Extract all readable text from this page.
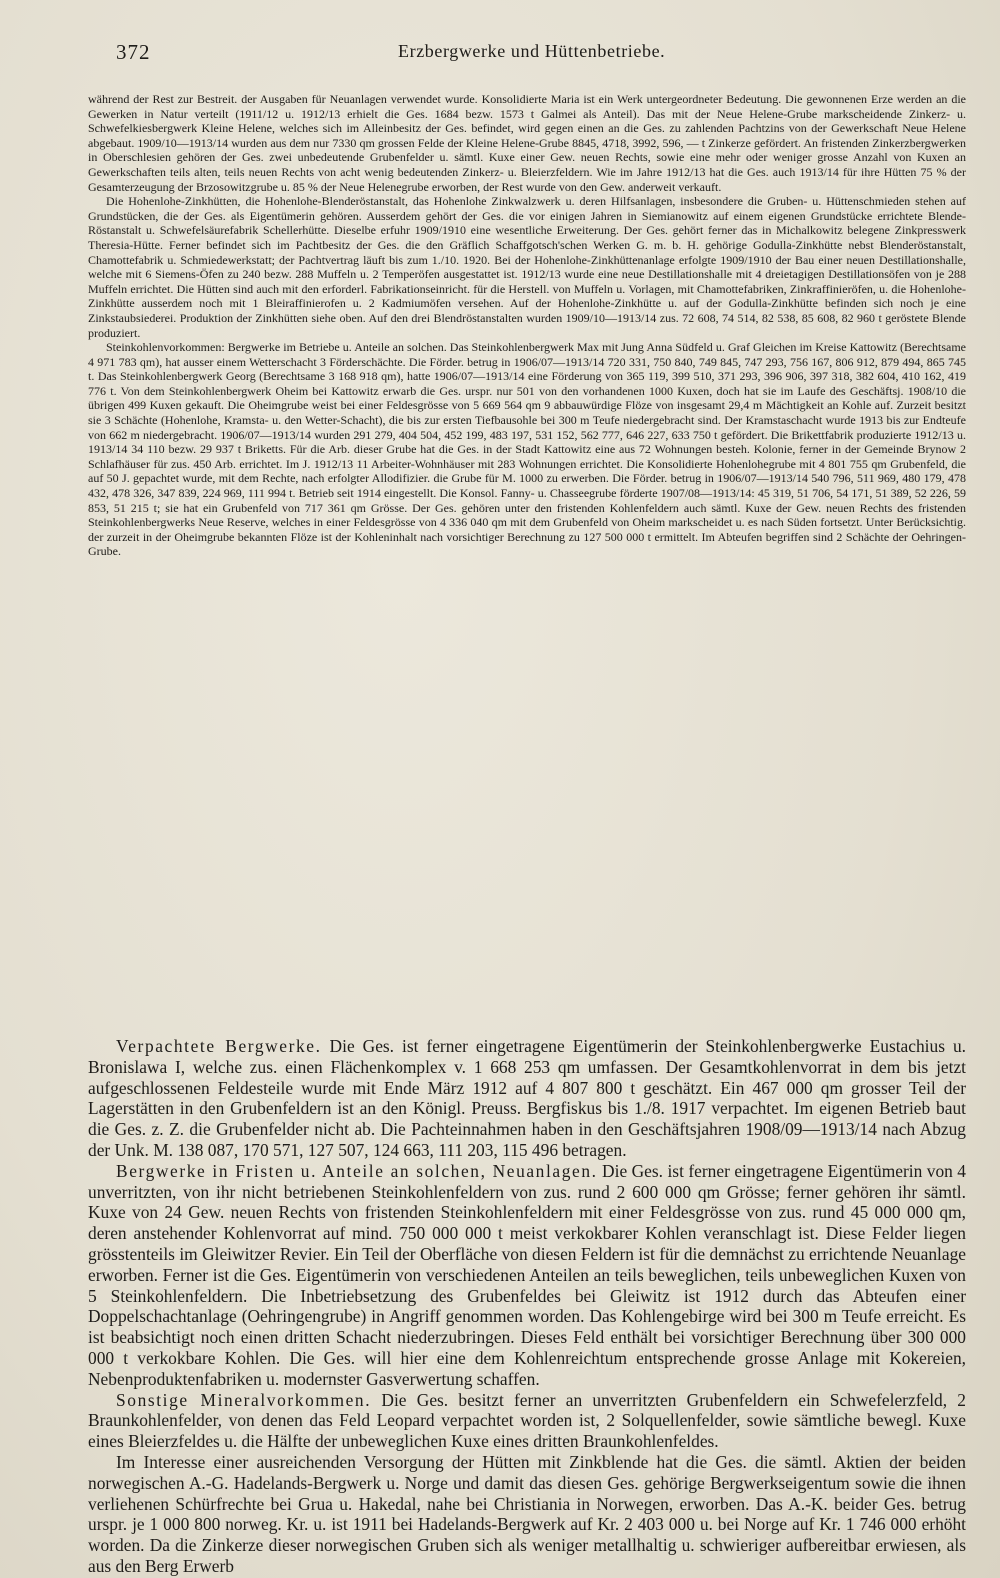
372	Erzbergwerke und Hüttenbetriebe.

während der Rest zur Bestreit. der Ausgaben für Neuanlagen verwendet wurde. Konsolidierte Maria ist ein Werk untergeordneter Bedeutung. Die gewonnenen Erze werden an die Gewerken in Natur verteilt (1911/12 u. 1912/13 erhielt die Ges. 1684 bezw. 1573 t Galmei als Anteil). Das mit der Neue Helene-Grube markscheidende Zinkerz- u. Schwefelkiesbergwerk Kleine Helene, welches sich im Alleinbesitz der Ges. befindet, wird gegen einen an die Ges. zu zahlenden Pachtzins von der Gewerkschaft Neue Helene abgebaut. 1909/10—1913/14 wurden aus dem nur 7330 qm grossen Felde der Kleine Helene-Grube 8845, 4718, 3992, 596, — t Zinkerze gefördert. An fristenden Zinkerzbergwerken in Oberschlesien gehören der Ges. zwei unbedeutende Grubenfelder u. sämtl. Kuxe einer Gew. neuen Rechts, sowie eine mehr oder weniger grosse Anzahl von Kuxen an Gewerkschaften teils alten, teils neuen Rechts von acht wenig bedeutenden Zinkerz- u. Bleierzfeldern. Wie im Jahre 1912/13 hat die Ges. auch 1913/14 für ihre Hütten 75 % der Gesamterzeugung der Brzosowitzgrube u. 85 % der Neue Helenegrube erworben, der Rest wurde von den Gew. anderweit verkauft.

Die Hohenlohe-Zinkhütten, die Hohenlohe-Blenderöstanstalt, das Hohenlohe Zinkwalzwerk u. deren Hilfsanlagen, insbesondere die Gruben- u. Hüttenschmieden stehen auf Grundstücken, die der Ges. als Eigentümerin gehören. Ausserdem gehört der Ges. die vor einigen Jahren in Siemianowitz auf einem eigenen Grundstücke errichtete Blende-Röstanstalt u. Schwefelsäurefabrik Schellerhütte. Dieselbe erfuhr 1909/1910 eine wesentliche Erweiterung. Der Ges. gehört ferner das in Michalkowitz belegene Zinkpresswerk Theresia-Hütte. Ferner befindet sich im Pachtbesitz der Ges. die den Gräflich Schaffgotsch'schen Werken G. m. b. H. gehörige Godulla-Zinkhütte nebst Blenderöstanstalt, Chamottefabrik u. Schmiedewerkstatt; der Pachtvertrag läuft bis zum 1./10. 1920. Bei der Hohenlohe-Zinkhüttenanlage erfolgte 1909/1910 der Bau einer neuen Destillationshalle, welche mit 6 Siemens-Öfen zu 240 bezw. 288 Muffeln u. 2 Temperöfen ausgestattet ist. 1912/13 wurde eine neue Destillationshalle mit 4 dreietagigen Destillationsöfen von je 288 Muffeln errichtet. Die Hütten sind auch mit den erforderl. Fabrikationseinricht. für die Herstell. von Muffeln u. Vorlagen, mit Chamottefabriken, Zinkraffinieröfen, u. die Hohenlohe-Zinkhütte ausserdem noch mit 1 Bleiraffinierofen u. 2 Kadmiumöfen versehen. Auf der Hohenlohe-Zinkhütte u. auf der Godulla-Zinkhütte befinden sich noch je eine Zinkstaubsiederei. Produktion der Zinkhütten siehe oben. Auf den drei Blendröstanstalten wurden 1909/10—1913/14 zus. 72 608, 74 514, 82 538, 85 608, 82 960 t geröstete Blende produziert.

Steinkohlenvorkommen: Bergwerke im Betriebe u. Anteile an solchen. Das Steinkohlenbergwerk Max mit Jung Anna Südfeld u. Graf Gleichen im Kreise Kattowitz (Berechtsame 4 971 783 qm), hat ausser einem Wetterschacht 3 Förderschächte. Die Förder. betrug in 1906/07—1913/14 720 331, 750 840, 749 845, 747 293, 756 167, 806 912, 879 494, 865 745 t. Das Steinkohlenbergwerk Georg (Berechtsame 3 168 918 qm), hatte 1906/07—1913/14 eine Förderung von 365 119, 399 510, 371 293, 396 906, 397 318, 382 604, 410 162, 419 776 t. Von dem Steinkohlenbergwerk Oheim bei Kattowitz erwarb die Ges. urspr. nur 501 von den vorhandenen 1000 Kuxen, doch hat sie im Laufe des Geschäftsj. 1908/10 die übrigen 499 Kuxen gekauft. Die Oheimgrube weist bei einer Feldesgrösse von 5 669 564 qm 9 abbauwürdige Flöze von insgesamt 29,4 m Mächtigkeit an Kohle auf. Zurzeit besitzt sie 3 Schächte (Hohenlohe, Kramsta- u. den Wetter-Schacht), die bis zur ersten Tiefbausohle bei 300 m Teufe niedergebracht sind. Der Kramstaschacht wurde 1913 bis zur Endteufe von 662 m niedergebracht. 1906/07—1913/14 wurden 291 279, 404 504, 452 199, 483 197, 531 152, 562 777, 646 227, 633 750 t gefördert. Die Brikettfabrik produzierte 1912/13 u. 1913/14 34 110 bezw. 29 937 t Briketts. Für die Arb. dieser Grube hat die Ges. in der Stadt Kattowitz eine aus 72 Wohnungen besteh. Kolonie, ferner in der Gemeinde Brynow 2 Schlafhäuser für zus. 450 Arb. errichtet. Im J. 1912/13 11 Arbeiter-Wohnhäuser mit 283 Wohnungen errichtet. Die Konsolidierte Hohenlohegrube mit 4 801 755 qm Grubenfeld, die auf 50 J. gepachtet wurde, mit dem Rechte, nach erfolgter Allodifizier. die Grube für M. 1000 zu erwerben. Die Förder. betrug in 1906/07—1913/14 540 796, 511 969, 480 179, 478 432, 478 326, 347 839, 224 969, 111 994 t. Betrieb seit 1914 eingestellt. Die Konsol. Fanny- u. Chasseegrube förderte 1907/08—1913/14: 45 319, 51 706, 54 171, 51 389, 52 226, 59 853, 51 215 t; sie hat ein Grubenfeld von 717 361 qm Grösse. Der Ges. gehören unter den fristenden Kohlenfeldern auch sämtl. Kuxe der Gew. neuen Rechts des fristenden Steinkohlenbergwerks Neue Reserve, welches in einer Feldesgrösse von 4 336 040 qm mit dem Grubenfeld von Oheim markscheidet u. es nach Süden fortsetzt. Unter Berücksichtig. der zurzeit in der Oheimgrube bekannten Flöze ist der Kohleninhalt nach vorsichtiger Berechnung zu 127 500 000 t ermittelt. Im Abteufen begriffen sind 2 Schächte der Oehringen-Grube.

Verpachtete Bergwerke. Die Ges. ist ferner eingetragene Eigentümerin der Steinkohlenbergwerke Eustachius u. Bronislawa I, welche zus. einen Flächenkomplex v. 1 668 253 qm umfassen. Der Gesamtkohlenvorrat in dem bis jetzt aufgeschlossenen Feldesteile wurde mit Ende März 1912 auf 4 807 800 t geschätzt. Ein 467 000 qm grosser Teil der Lagerstätten in den Grubenfeldern ist an den Königl. Preuss. Bergfiskus bis 1./8. 1917 verpachtet. Im eigenen Betrieb baut die Ges. z. Z. die Grubenfelder nicht ab. Die Pachteinnahmen haben in den Geschäftsjahren 1908/09—1913/14 nach Abzug der Unk. M. 138 087, 170 571, 127 507, 124 663, 111 203, 115 496 betragen.

Bergwerke in Fristen u. Anteile an solchen, Neuanlagen. Die Ges. ist ferner eingetragene Eigentümerin von 4 unverritzten, von ihr nicht betriebenen Steinkohlenfeldern von zus. rund 2 600 000 qm Grösse; ferner gehören ihr sämtl. Kuxe von 24 Gew. neuen Rechts von fristenden Steinkohlenfeldern mit einer Feldesgrösse von zus. rund 45 000 000 qm, deren anstehender Kohlenvorrat auf mind. 750 000 000 t meist verkokbarer Kohlen veranschlagt ist. Diese Felder liegen grösstenteils im Gleiwitzer Revier. Ein Teil der Oberfläche von diesen Feldern ist für die demnächst zu errichtende Neuanlage erworben. Ferner ist die Ges. Eigentümerin von verschiedenen Anteilen an teils beweglichen, teils unbeweglichen Kuxen von 5 Steinkohlenfeldern. Die Inbetriebsetzung des Grubenfeldes bei Gleiwitz ist 1912 durch das Abteufen einer Doppelschachtanlage (Oehringengrube) in Angriff genommen worden. Das Kohlengebirge wird bei 300 m Teufe erreicht. Es ist beabsichtigt noch einen dritten Schacht niederzubringen. Dieses Feld enthält bei vorsichtiger Berechnung über 300 000 000 t verkokbare Kohlen. Die Ges. will hier eine dem Kohlenreichtum entsprechende grosse Anlage mit Kokereien, Nebenproduktenfabriken u. modernster Gasverwertung schaffen.

Sonstige Mineralvorkommen. Die Ges. besitzt ferner an unverritzten Grubenfeldern ein Schwefelerzfeld, 2 Braunkohlenfelder, von denen das Feld Leopard verpachtet worden ist, 2 Solquellenfelder, sowie sämtliche bewegl. Kuxe eines Bleierzfeldes u. die Hälfte der unbeweglichen Kuxe eines dritten Braunkohlenfeldes.

Im Interesse einer ausreichenden Versorgung der Hütten mit Zinkblende hat die Ges. die sämtl. Aktien der beiden norwegischen A.-G. Hadelands-Bergwerk u. Norge und damit das diesen Ges. gehörige Bergwerkseigentum sowie die ihnen verliehenen Schürfrechte bei Grua u. Hakedal, nahe bei Christiania in Norwegen, erworben. Das A.-K. beider Ges. betrug urspr. je 1 000 800 norweg. Kr. u. ist 1911 bei Hadelands-Bergwerk auf Kr. 2 403 000 u. bei Norge auf Kr. 1 746 000 erhöht worden. Da die Zinkerze dieser norwegischen Gruben sich als weniger metallhaltig u. schwieriger aufbereitbar erwiesen, als aus den Berg Erwerb
